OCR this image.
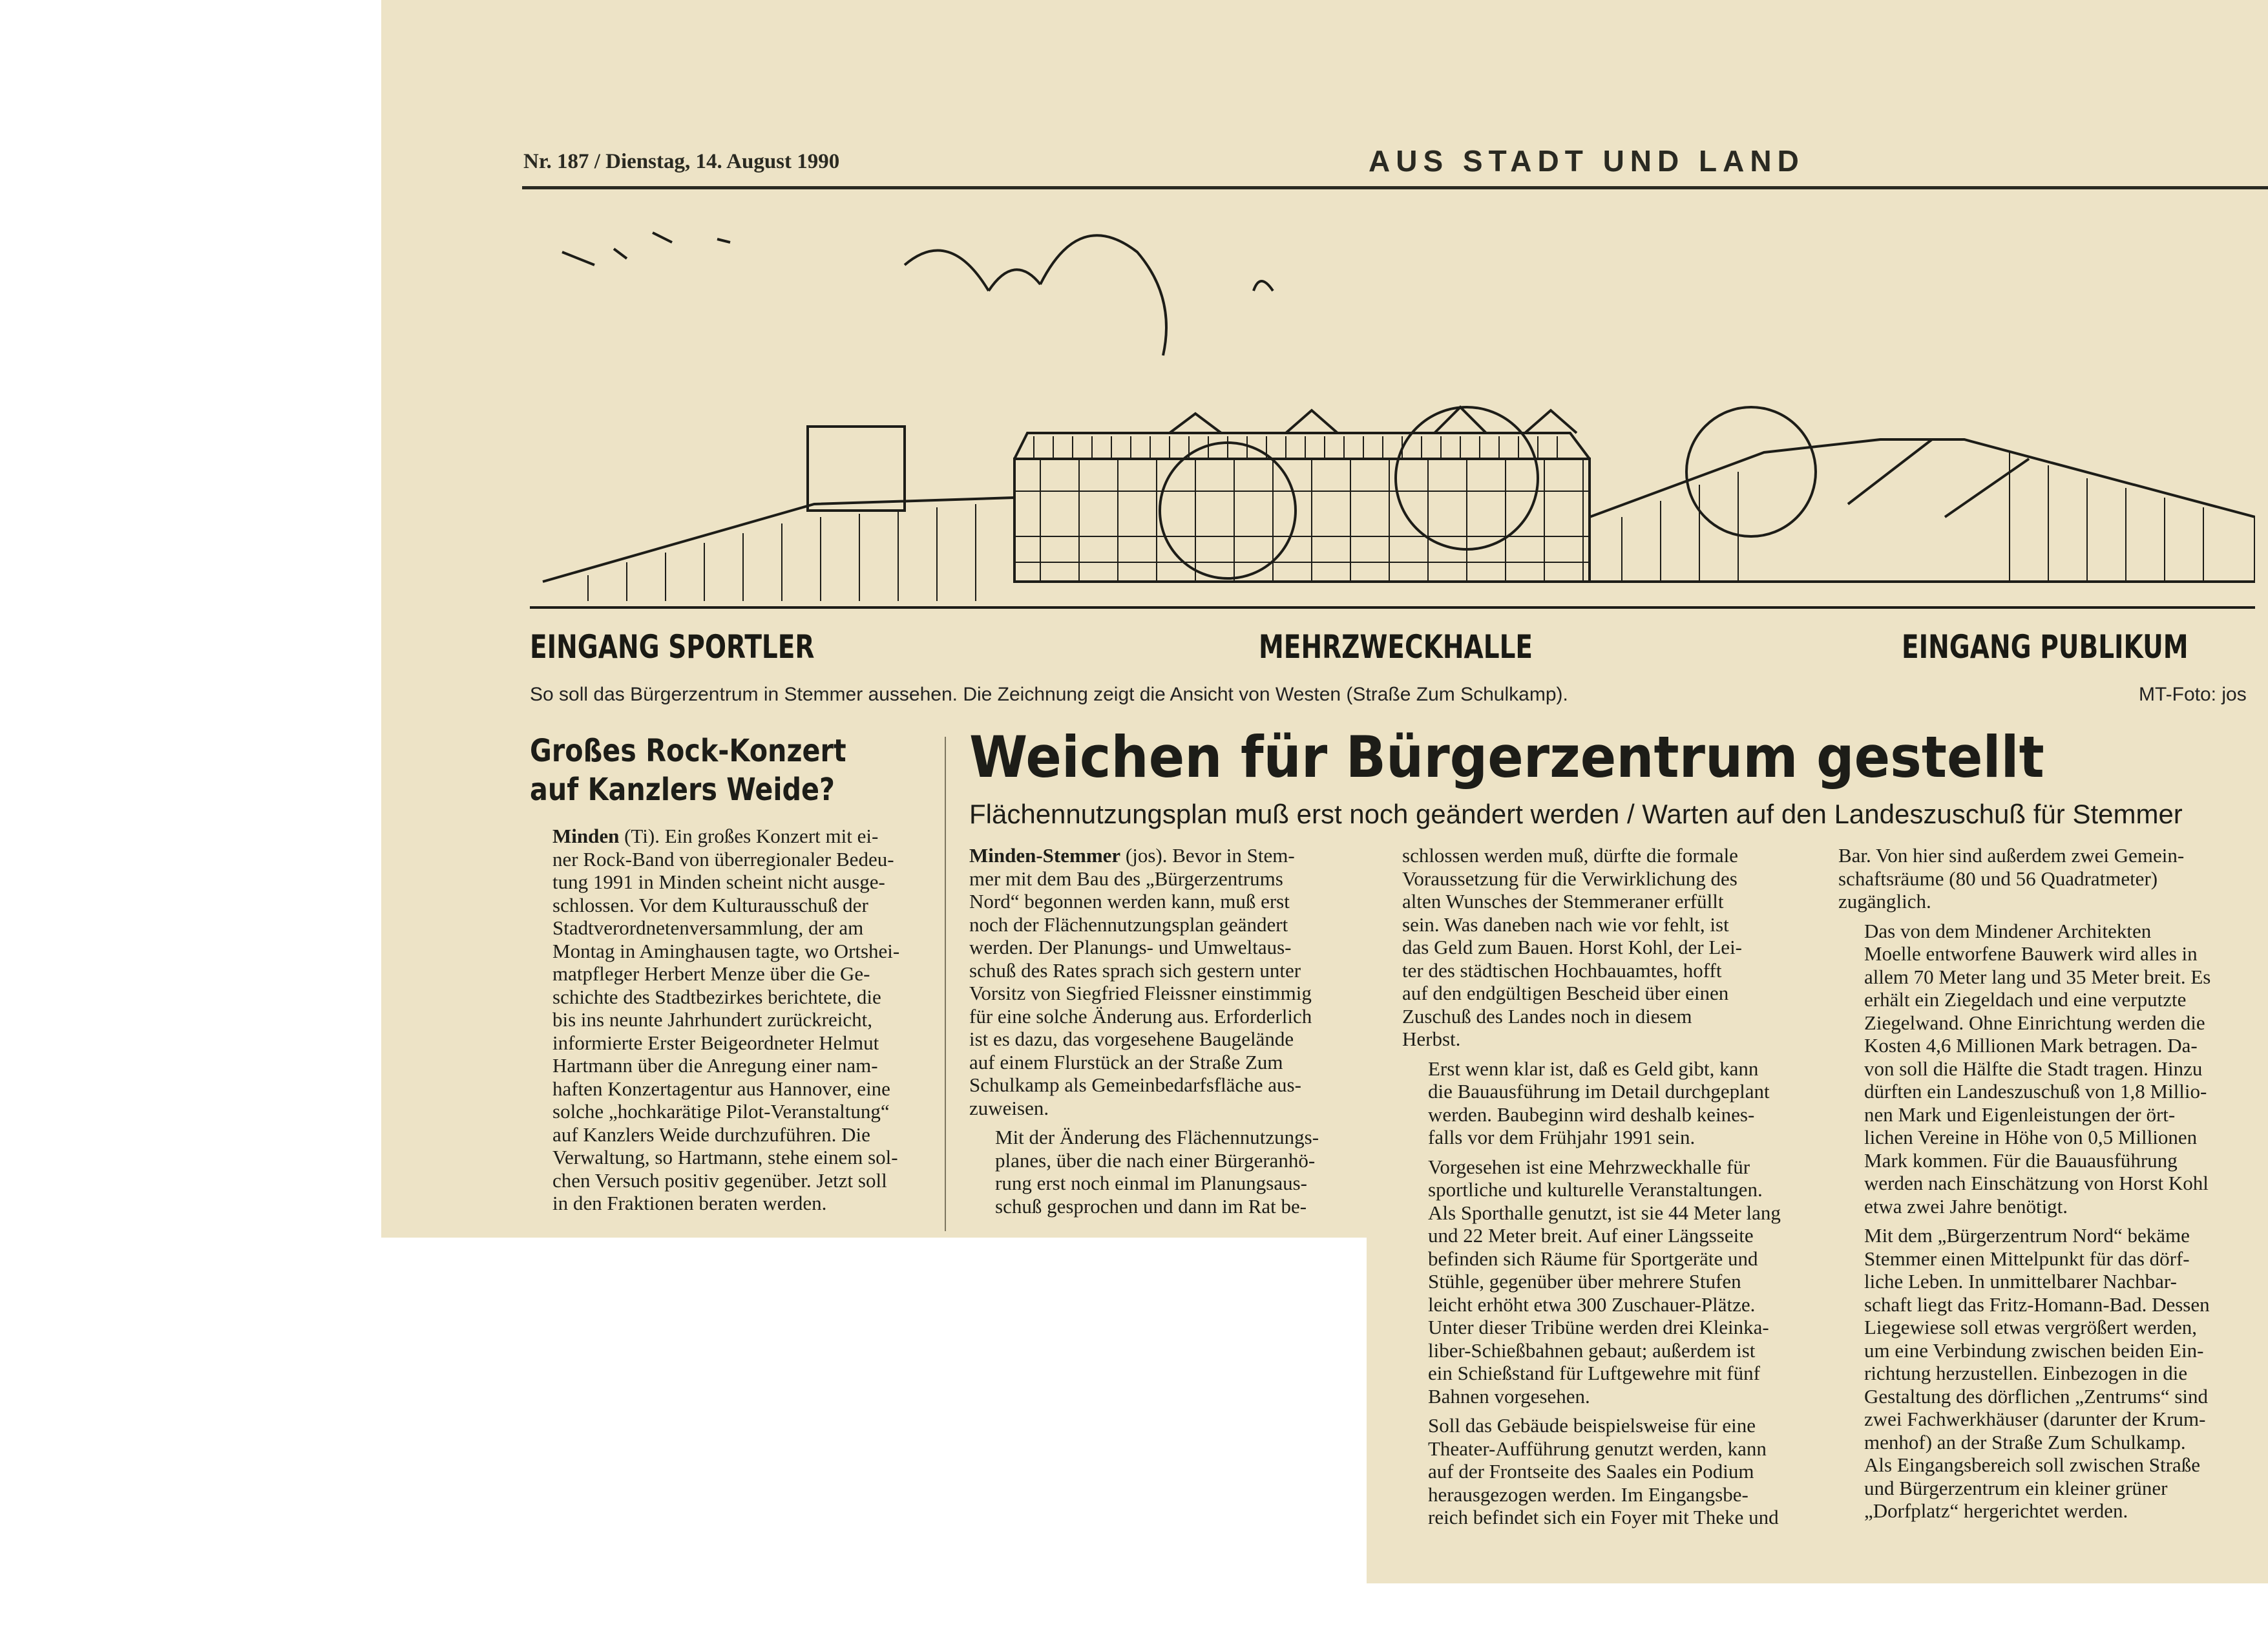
Nr. 187 / Dienstag, 14. August 1990	AUS STADT UND LAND
EINGANG SPORTLER	MEHRZWECKHALLE	EINGANG PUBLIKUM
So soll das Bürgerzentrum in Stemmer aussehen. Die Zeichnung zeigt die Ansicht von Westen (Straße Zum Schulkamp).	MT-Foto: jos
Großes Rock-Konzert
auf Kanzlers Weide?	Weichen für Bürgerzentrum gestellt
Flächennutzungsplan muß erst noch geändert werden / Warten auf den Landeszuschuß für Stemmer

Minden (Ti). Ein großes Konzert mit ei-
ner Rock-Band von überregionaler Bedeu-
tung 1991 in Minden scheint nicht ausge-
schlossen. Vor dem Kulturausschuß der
Stadtverordnetenversammlung, der am
Montag in Aminghausen tagte, wo Ortshei-
matpfleger Herbert Menze über die Ge-
schichte des Stadtbezirkes berichtete, die
bis ins neunte Jahrhundert zurückreicht,
informierte Erster Beigeordneter Helmut
Hartmann über die Anregung einer nam-
haften Konzertagentur aus Hannover, eine
solche „hochkarätige Pilot-Veranstaltung“
auf Kanzlers Weide durchzuführen. Die
Verwaltung, so Hartmann, stehe einem sol-
chen Versuch positiv gegenüber. Jetzt soll
in den Fraktionen beraten werden.

Minden-Stemmer (jos). Bevor in Stem-
mer mit dem Bau des „Bürgerzentrums
Nord“ begonnen werden kann, muß erst
noch der Flächennutzungsplan geändert
werden. Der Planungs- und Umweltaus-
schuß des Rates sprach sich gestern unter
Vorsitz von Siegfried Fleissner einstimmig
für eine solche Änderung aus. Erforderlich
ist es dazu, das vorgesehene Baugelände
auf einem Flurstück an der Straße Zum
Schulkamp als Gemeinbedarfsfläche aus-
zuweisen.

Mit der Änderung des Flächennutzungs-
planes, über die nach einer Bürgeranhö-
rung erst noch einmal im Planungsaus-
schuß gesprochen und dann im Rat be-

schlossen werden muß, dürfte die formale
Voraussetzung für die Verwirklichung des
alten Wunsches der Stemmeraner erfüllt
sein. Was daneben nach wie vor fehlt, ist
das Geld zum Bauen. Horst Kohl, der Lei-
ter des städtischen Hochbauamtes, hofft
auf den endgültigen Bescheid über einen
Zuschuß des Landes noch in diesem
Herbst.

Erst wenn klar ist, daß es Geld gibt, kann
die Bauausführung im Detail durchgeplant
werden. Baubeginn wird deshalb keines-
falls vor dem Frühjahr 1991 sein.

Vorgesehen ist eine Mehrzweckhalle für
sportliche und kulturelle Veranstaltungen.
Als Sporthalle genutzt, ist sie 44 Meter lang
und 22 Meter breit. Auf einer Längsseite
befinden sich Räume für Sportgeräte und
Stühle, gegenüber über mehrere Stufen
leicht erhöht etwa 300 Zuschauer-Plätze.
Unter dieser Tribüne werden drei Kleinka-
liber-Schießbahnen gebaut; außerdem ist
ein Schießstand für Luftgewehre mit fünf
Bahnen vorgesehen.

Soll das Gebäude beispielsweise für eine
Theater-Aufführung genutzt werden, kann
auf der Frontseite des Saales ein Podium
herausgezogen werden. Im Eingangsbe-
reich befindet sich ein Foyer mit Theke und

Bar. Von hier sind außerdem zwei Gemein-
schaftsräume (80 und 56 Quadratmeter)
zugänglich.

Das von dem Mindener Architekten
Moelle entworfene Bauwerk wird alles in
allem 70 Meter lang und 35 Meter breit. Es
erhält ein Ziegeldach und eine verputzte
Ziegelwand. Ohne Einrichtung werden die
Kosten 4,6 Millionen Mark betragen. Da-
von soll die Hälfte die Stadt tragen. Hinzu
dürften ein Landeszuschuß von 1,8 Millio-
nen Mark und Eigenleistungen der ört-
lichen Vereine in Höhe von 0,5 Millionen
Mark kommen. Für die Bauausführung
werden nach Einschätzung von Horst Kohl
etwa zwei Jahre benötigt.

Mit dem „Bürgerzentrum Nord“ bekäme
Stemmer einen Mittelpunkt für das dörf-
liche Leben. In unmittelbarer Nachbar-
schaft liegt das Fritz-Homann-Bad. Dessen
Liegewiese soll etwas vergrößert werden,
um eine Verbindung zwischen beiden Ein-
richtung herzustellen. Einbezogen in die
Gestaltung des dörflichen „Zentrums“ sind
zwei Fachwerkhäuser (darunter der Krum-
menhof) an der Straße Zum Schulkamp.
Als Eingangsbereich soll zwischen Straße
und Bürgerzentrum ein kleiner grüner
„Dorfplatz“ hergerichtet werden.
